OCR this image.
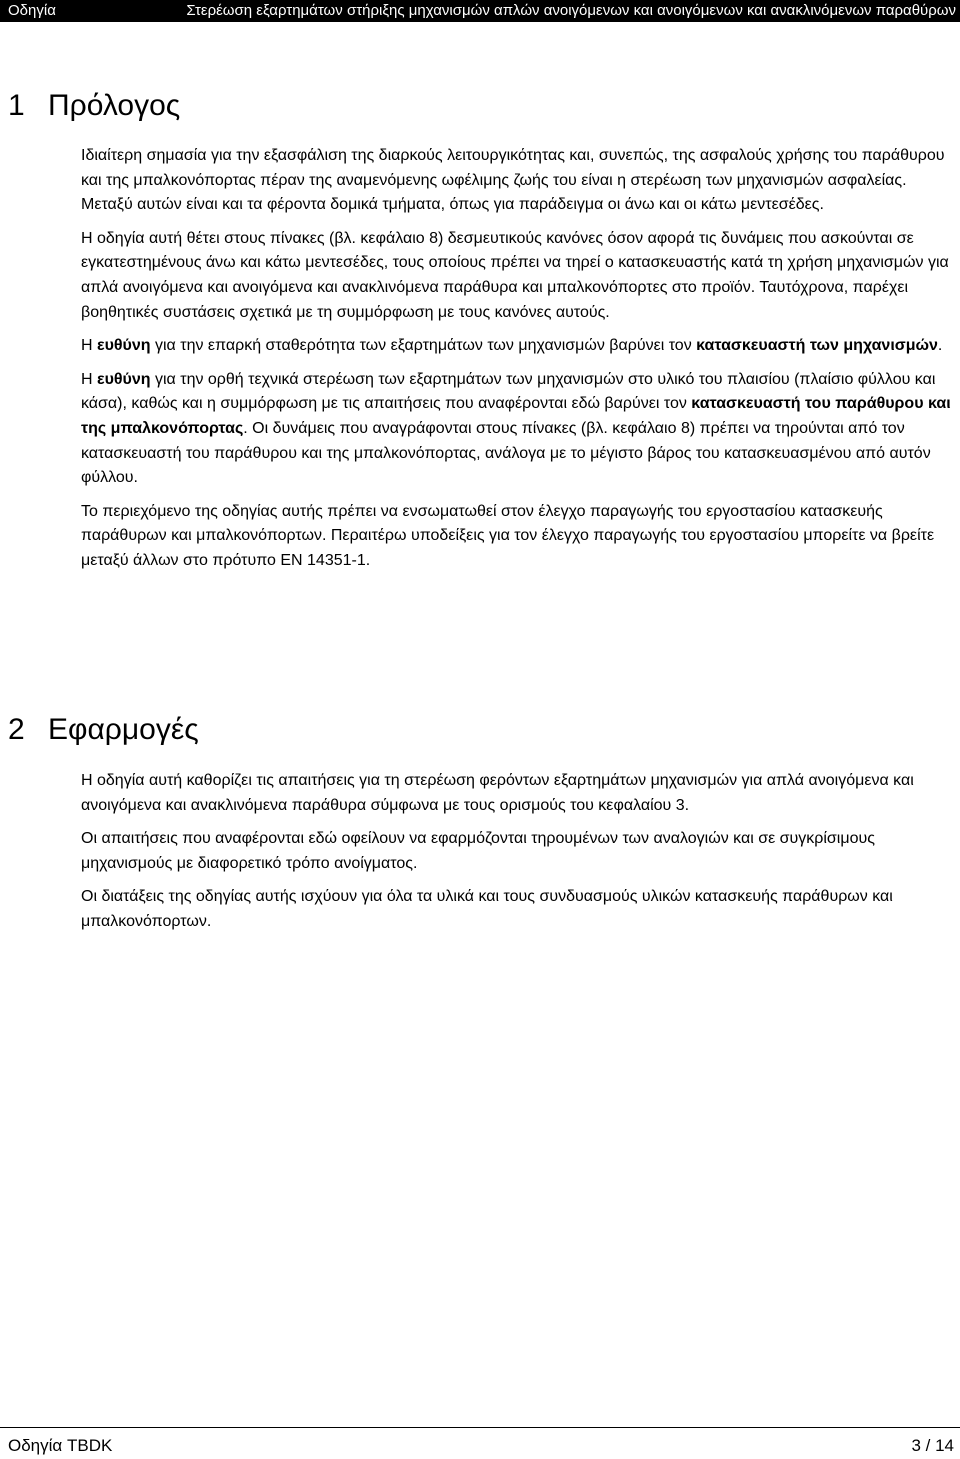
Οδηγία	Στερέωση εξαρτημάτων στήριξης μηχανισμών απλών ανοιγόμενων και ανοιγόμενων και ανακλινόμενων παραθύρων
1 Πρόλογος

Ιδιαίτερη σημασία για την εξασφάλιση της διαρκούς λειτουργικότητας και, συνεπώς, της ασφαλούς χρήσης του παράθυρου και της μπαλκονόπορτας πέραν της αναμενόμενης ωφέλιμης ζωής του είναι η στερέωση των μηχανισμών ασφαλείας. Μεταξύ αυτών είναι και τα φέροντα δομικά τμήματα, όπως για παράδειγμα οι άνω και οι κάτω μεντεσέδες.

Η οδηγία αυτή θέτει στους πίνακες (βλ. κεφάλαιο 8) δεσμευτικούς κανόνες όσον αφορά τις δυνάμεις που ασκούνται σε εγκατεστημένους άνω και κάτω μεντεσέδες, τους οποίους πρέπει να τηρεί ο κατασκευαστής κατά τη χρήση μηχανισμών για απλά ανοιγόμενα και ανοιγόμενα και ανακλινόμενα παράθυρα και μπαλκονόπορτες στο προϊόν. Ταυτόχρονα, παρέχει βοηθητικές συστάσεις σχετικά με τη συμμόρφωση με τους κανόνες αυτούς.

Η ευθύνη για την επαρκή σταθερότητα των εξαρτημάτων των μηχανισμών βαρύνει τον κατασκευαστή των μηχανισμών.

Η ευθύνη για την ορθή τεχνικά στερέωση των εξαρτημάτων των μηχανισμών στο υλικό του πλαισίου (πλαίσιο φύλλου και κάσα), καθώς και η συμμόρφωση με τις απαιτήσεις που αναφέρονται εδώ βαρύνει τον κατασκευαστή του παράθυρου και της μπαλκονόπορτας. Οι δυνάμεις που αναγράφονται στους πίνακες (βλ. κεφάλαιο 8) πρέπει να τηρούνται από τον κατασκευαστή του παράθυρου και της μπαλκονόπορτας, ανάλογα με το μέγιστο βάρος του κατασκευασμένου από αυτόν φύλλου.

Το περιεχόμενο της οδηγίας αυτής πρέπει να ενσωματωθεί στον έλεγχο παραγωγής του εργοστασίου κατασκευής παράθυρων και μπαλκονόπορτων. Περαιτέρω υποδείξεις για τον έλεγχο παραγωγής του εργοστασίου μπορείτε να βρείτε μεταξύ άλλων στο πρότυπο EN 14351-1.

2 Εφαρμογές

Η οδηγία αυτή καθορίζει τις απαιτήσεις για τη στερέωση φερόντων εξαρτημάτων μηχανισμών για απλά ανοιγόμενα και ανοιγόμενα και ανακλινόμενα παράθυρα σύμφωνα με τους ορισμούς του κεφαλαίου 3.

Οι απαιτήσεις που αναφέρονται εδώ οφείλουν να εφαρμόζονται τηρουμένων των αναλογιών και σε συγκρίσιμους μηχανισμούς με διαφορετικό τρόπο ανοίγματος.

Οι διατάξεις της οδηγίας αυτής ισχύουν για όλα τα υλικά και τους συνδυασμούς υλικών κατασκευής παράθυρων και μπαλκονόπορτων.

Οδηγία TBDK	3 / 14
